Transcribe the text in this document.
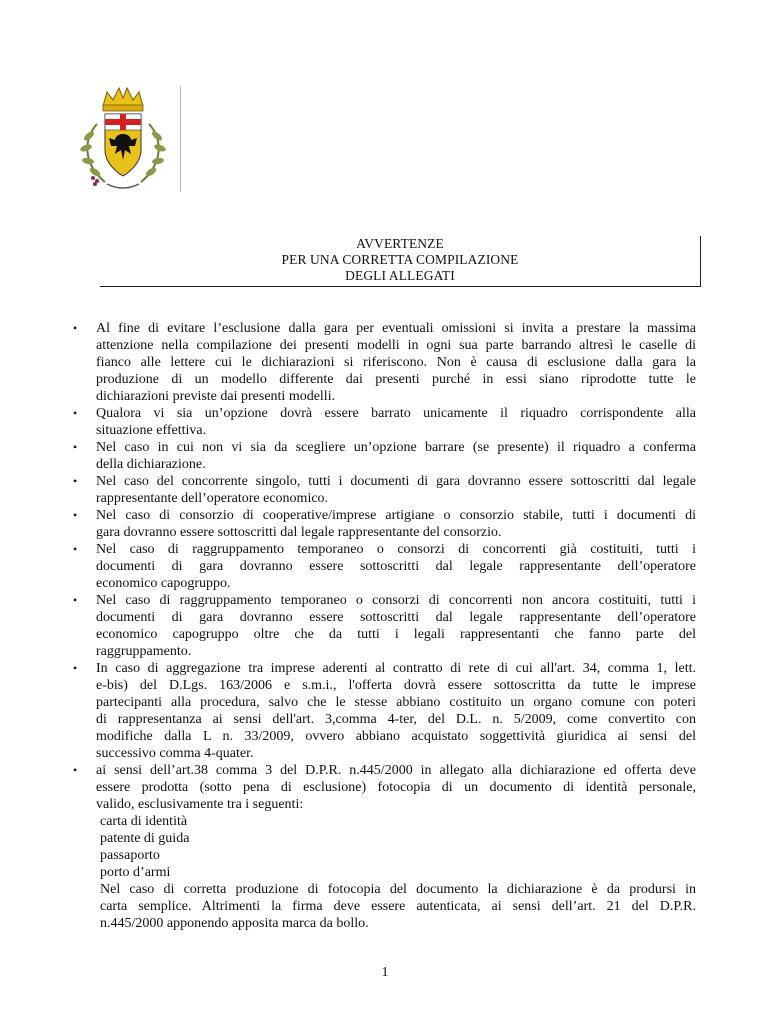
AVVERTENZE
PER UNA CORRETTA COMPILAZIONE
DEGLI ALLEGATI
• Al fine di evitare l’esclusione dalla gara per eventuali omissioni si invita a prestare la massima
attenzione nella compilazione dei presenti modelli in ogni sua parte barrando altresì le caselle di
fianco alle lettere cui le dichiarazioni si riferiscono. Non è causa di esclusione dalla gara la
produzione di un modello differente dai presenti purché in essi siano riprodotte tutte le
dichiarazioni previste dai presenti modelli.
• Qualora vi sia un’opzione dovrà essere barrato unicamente il riquadro corrispondente alla
situazione effettiva.
• Nel caso in cui non vi sia da scegliere un’opzione barrare (se presente) il riquadro a conferma
della dichiarazione.
• Nel caso del concorrente singolo, tutti i documenti di gara dovranno essere sottoscritti dal legale
rappresentante dell’operatore economico.
• Nel caso di consorzio di cooperative/imprese artigiane o consorzio stabile, tutti i documenti di
gara dovranno essere sottoscritti dal legale rappresentante del consorzio.
• Nel caso di raggruppamento temporaneo o consorzi di concorrenti già costituiti, tutti i
documenti di gara dovranno essere sottoscritti dal legale rappresentante dell’operatore
economico capogruppo.
• Nel caso di raggruppamento temporaneo o consorzi di concorrenti non ancora costituiti, tutti i
documenti di gara dovranno essere sottoscritti dal legale rappresentante dell’operatore
economico capogruppo oltre che da tutti i legali rappresentanti che fanno parte del
raggruppamento.
• In caso di aggregazione tra imprese aderenti al contratto di rete di cui all'art. 34, comma 1, lett.
e-bis) del D.Lgs. 163/2006 e s.m.i., l'offerta dovrà essere sottoscritta da tutte le imprese
partecipanti alla procedura, salvo che le stesse abbiano costituito un organo comune con poteri
di rappresentanza ai sensi dell'art. 3,comma 4-ter, del D.L. n. 5/2009, come convertito con
modifiche dalla L n. 33/2009, ovvero abbiano acquistato soggettività giuridica ai sensi del
successivo comma 4-quater.
• ai sensi dell’art.38 comma 3 del D.P.R. n.445/2000 in allegato alla dichiarazione ed offerta deve
essere prodotta (sotto pena di esclusione) fotocopia di un documento di identità personale,
valido, esclusivamente tra i seguenti:
carta di identità
patente di guida
passaporto
porto d’armi
Nel caso di corretta produzione di fotocopia del documento la dichiarazione è da prodursi in
carta semplice. Altrimenti la firma deve essere autenticata, ai sensi dell’art. 21 del D.P.R.
n.445/2000 apponendo apposita marca da bollo.
1
